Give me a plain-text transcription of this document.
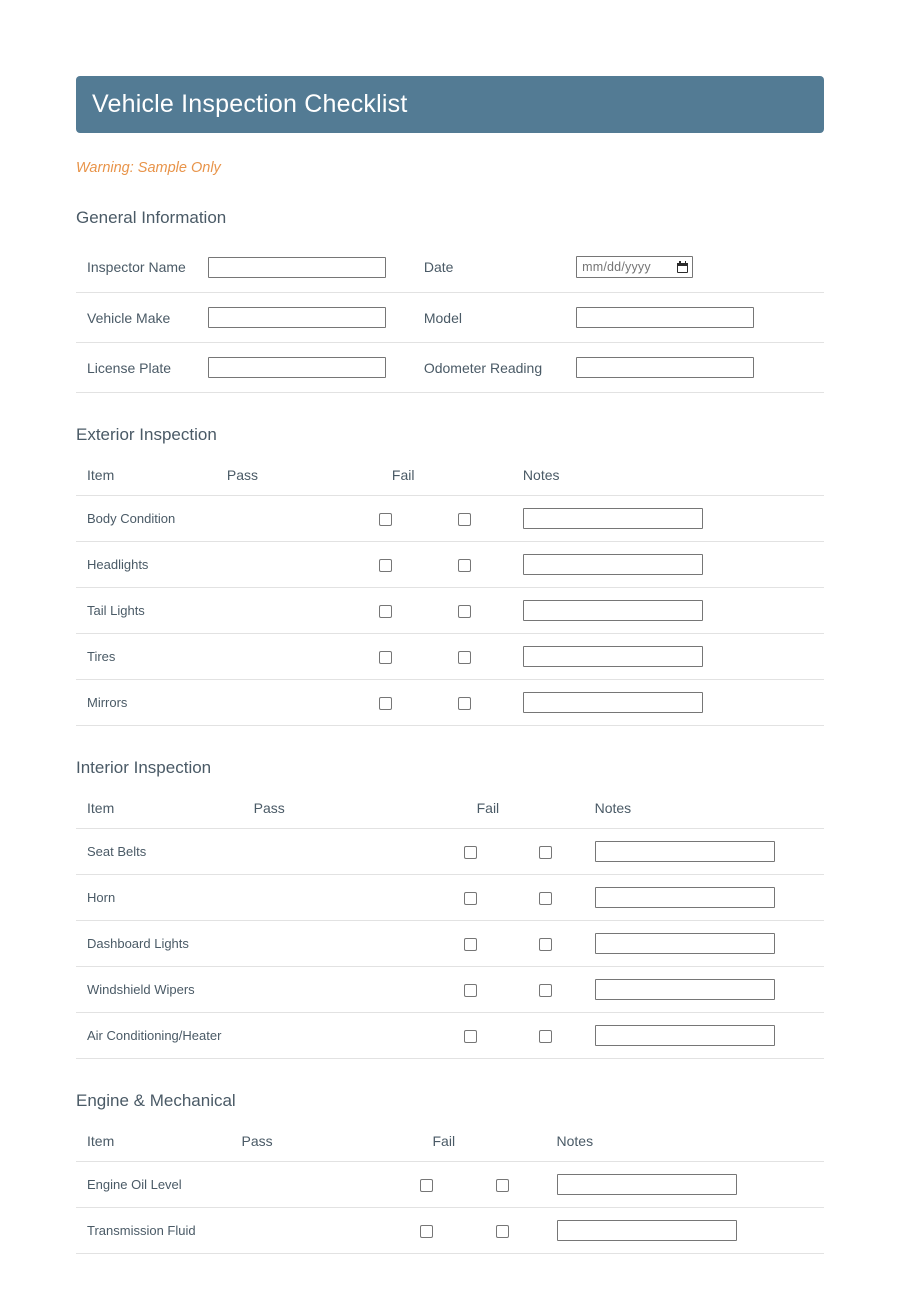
Vehicle Inspection Checklist
Warning: Sample Only
General Information
Inspector Name		Date	mm/dd/yyyy

Vehicle Make		Model	
License Plate		Odometer Reading	
Exterior Inspection
Item	Pass	Fail	Notes
Body Condition			
Headlights			
Tail Lights			
Tires			
Mirrors			
Interior Inspection
Item	Pass	Fail	Notes
Seat Belts			
Horn			
Dashboard Lights			
Windshield Wipers			
Air Conditioning/Heater			
Engine & Mechanical
Item	Pass	Fail	Notes
Engine Oil Level			
Transmission Fluid			
